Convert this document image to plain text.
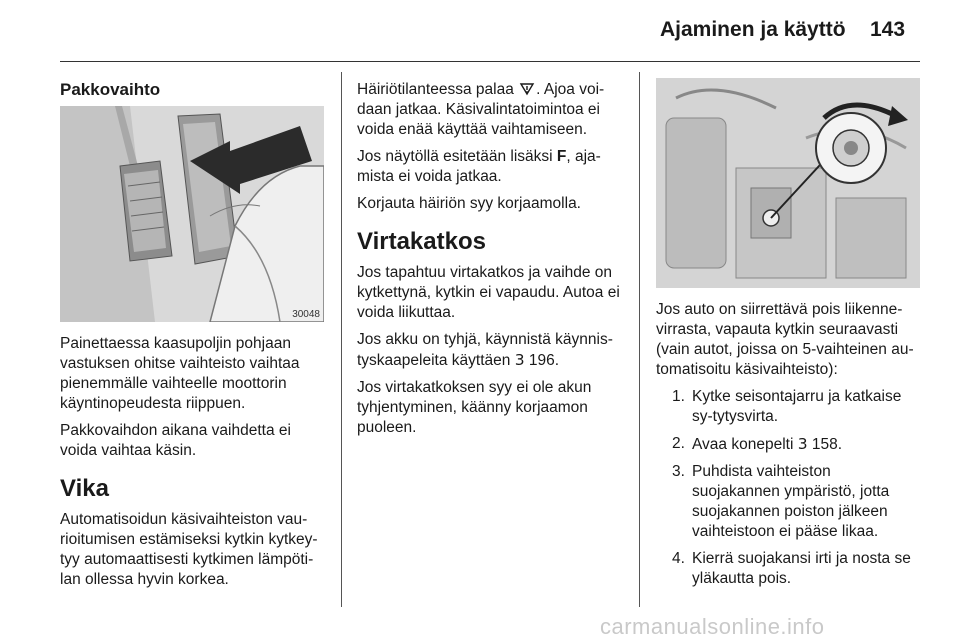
Ajaminen ja käyttö 143

Pakkovaihto

30048

Painettaessa kaasupoljin pohjaan vastuksen ohitse vaihteisto vaihtaa pienemmälle vaihteelle moottorin käyntinopeudesta riippuen.

Pakkovaihdon aikana vaihdetta ei voida vaihtaa käsin.

Vika

Automatisoidun käsivaihteiston vau-rioitumisen estämiseksi kytkin kytkey-tyy automaattisesti kytkimen lämpöti-lan ollessa hyvin korkea.

Häiriötilanteessa palaa . Ajoa voi-daan jatkaa. Käsivalintatoimintoa ei voida enää käyttää vaihtamiseen.

Jos näytöllä esitetään lisäksi F, aja-mista ei voida jatkaa.

Korjauta häiriön syy korjaamolla.

Virtakatkos

Jos tapahtuu virtakatkos ja vaihde on kytkettynä, kytkin ei vapaudu. Autoa ei voida liikuttaa.

Jos akku on tyhjä, käynnistä käynnis-tyskaapeleita käyttäen 3 196.

Jos virtakatkoksen syy ei ole akun tyhjentyminen, käänny korjaamon puoleen.

Jos auto on siirrettävä pois liikenne-virrasta, vapauta kytkin seuraavasti (vain autot, joissa on 5-vaihteinen au-tomatisoitu käsivaihteisto):

1. Kytke seisontajarru ja katkaise sy-tytysvirta.
2. Avaa konepelti 3 158.
3. Puhdista vaihteiston suojakannen ympäristö, jotta suojakannen poiston jälkeen vaihteistoon ei pääse likaa.
4. Kierrä suojakansi irti ja nosta se yläkautta pois.
carmanualsonline.info
